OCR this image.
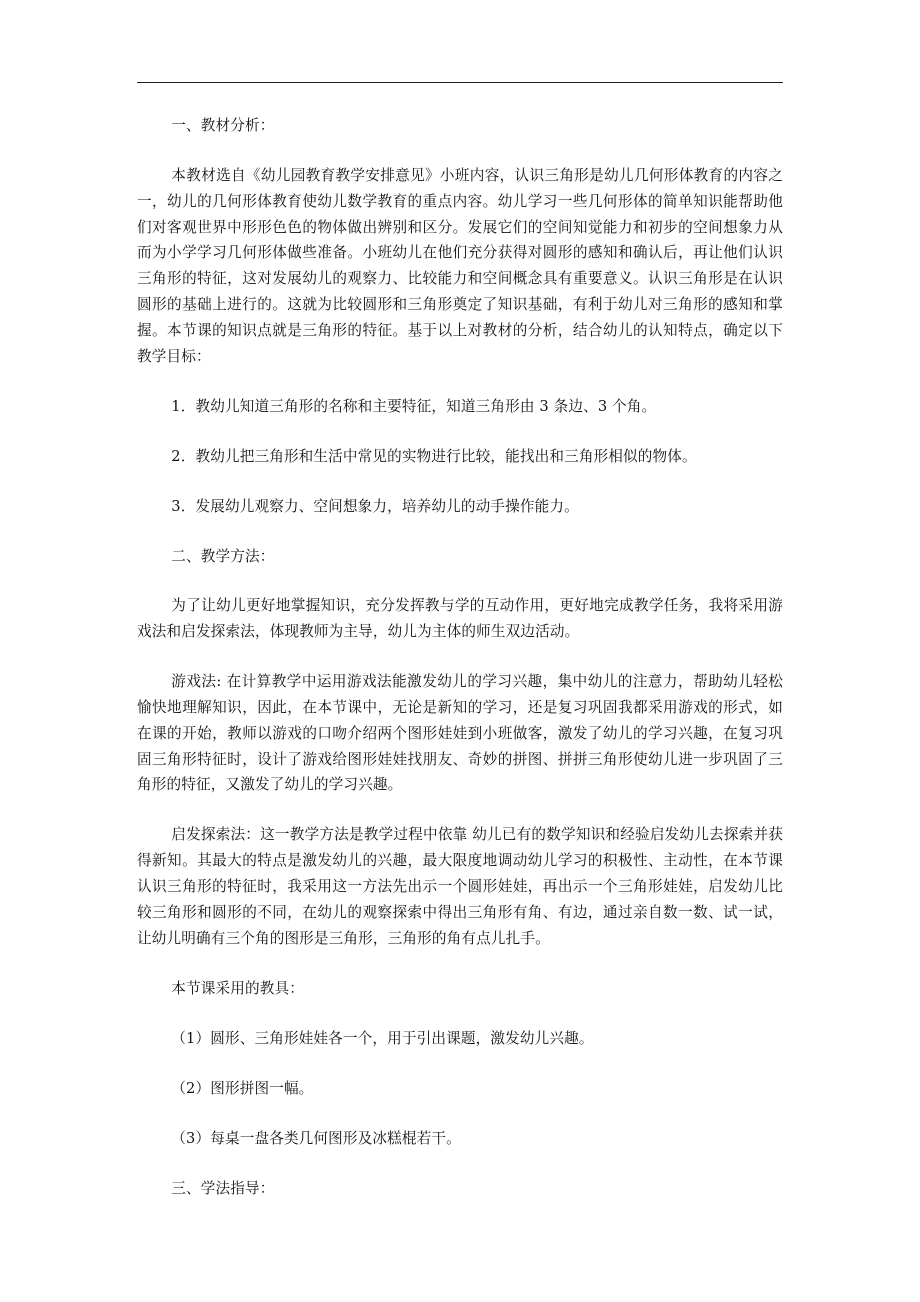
一、教材分析：

本教材选自《幼儿园教育教学安排意见》小班内容，认识三角形是幼儿几何形体教育的内容之一，幼儿的几何形体教育使幼儿数学教育的重点内容。幼儿学习一些几何形体的简单知识能帮助他们对客观世界中形形色色的物体做出辨别和区分。发展它们的空间知觉能力和初步的空间想象力从而为小学学习几何形体做些准备。小班幼儿在他们充分获得对圆形的感知和确认后，再让他们认识三角形的特征，这对发展幼儿的观察力、比较能力和空间概念具有重要意义。认识三角形是在认识圆形的基础上进行的。这就为比较圆形和三角形奠定了知识基础，有利于幼儿对三角形的感知和掌握。本节课的知识点就是三角形的特征。基于以上对教材的分析，结合幼儿的认知特点，确定以下教学目标：

1．教幼儿知道三角形的名称和主要特征，知道三角形由 3 条边、3 个角。

2．教幼儿把三角形和生活中常见的实物进行比较，能找出和三角形相似的物体。

3．发展幼儿观察力、空间想象力，培养幼儿的动手操作能力。

二、教学方法：

为了让幼儿更好地掌握知识，充分发挥教与学的互动作用，更好地完成教学任务，我将采用游戏法和启发探索法，体现教师为主导，幼儿为主体的师生双边活动。

游戏法: 在计算教学中运用游戏法能激发幼儿的学习兴趣，集中幼儿的注意力，帮助幼儿轻松愉快地理解知识，因此，在本节课中，无论是新知的学习，还是复习巩固我都采用游戏的形式，如在课的开始，教师以游戏的口吻介绍两个图形娃娃到小班做客，激发了幼儿的学习兴趣，在复习巩固三角形特征时，设计了游戏给图形娃娃找朋友、奇妙的拼图、拼拼三角形使幼儿进一步巩固了三角形的特征，又激发了幼儿的学习兴趣。

启发探索法：这一教学方法是教学过程中依靠 幼儿已有的数学知识和经验启发幼儿去探索并获得新知。其最大的特点是激发幼儿的兴趣，最大限度地调动幼儿学习的积极性、主动性，在本节课认识三角形的特征时，我采用这一方法先出示一个圆形娃娃，再出示一个三角形娃娃，启发幼儿比较三角形和圆形的不同，在幼儿的观察探索中得出三角形有角、有边，通过亲自数一数、试一试，让幼儿明确有三个角的图形是三角形，三角形的角有点儿扎手。

本节课采用的教具：

（1）圆形、三角形娃娃各一个，用于引出课题，激发幼儿兴趣。

（2）图形拼图一幅。

（3）每桌一盘各类几何图形及冰糕棍若干。

三、学法指导：
